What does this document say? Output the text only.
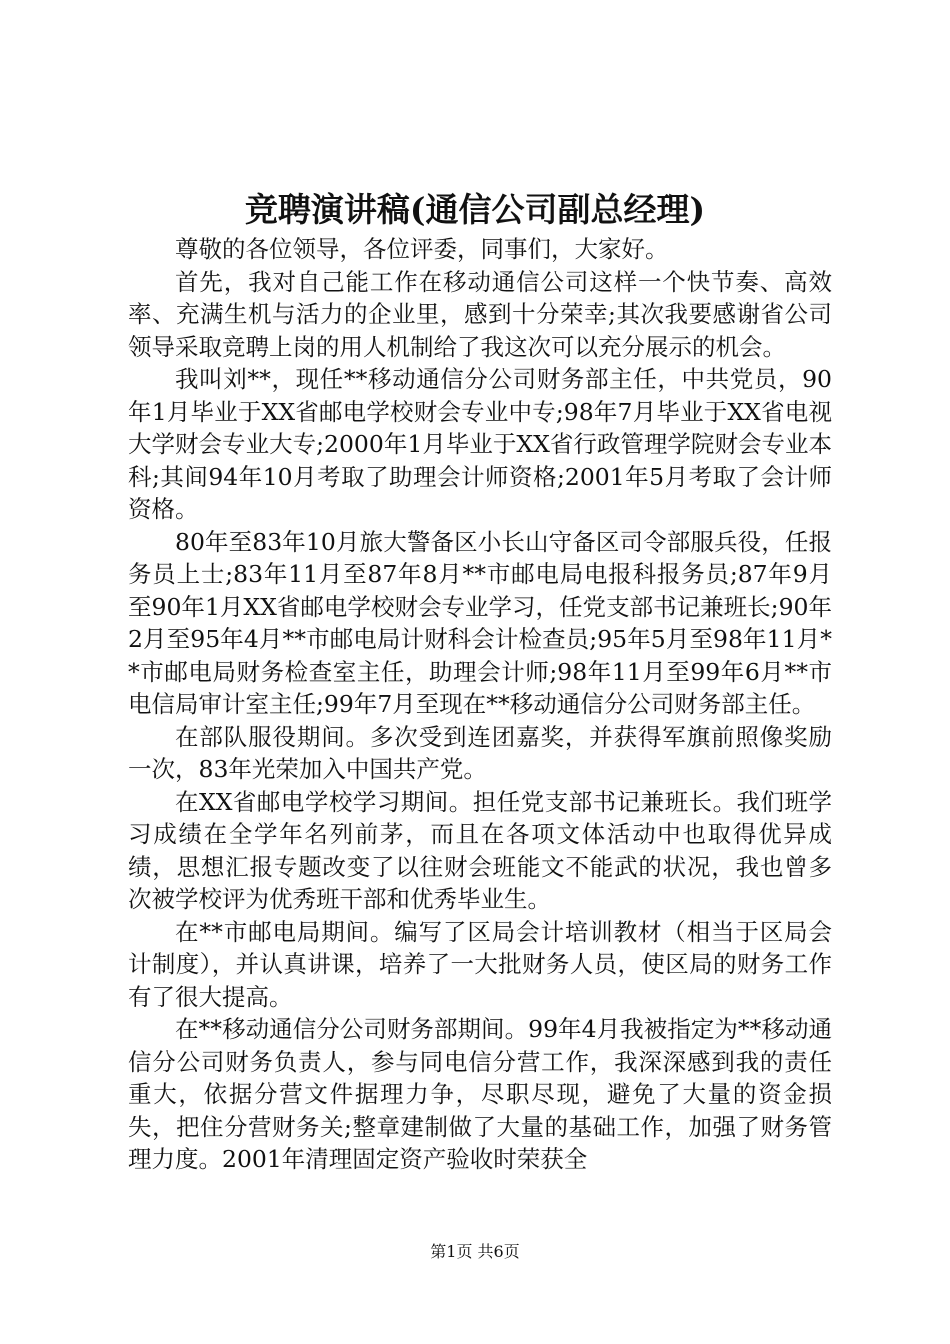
竞聘演讲稿(通信公司副总经理)

尊敬的各位领导，各位评委，同事们，大家好。

首先，我对自己能工作在移动通信公司这样一个快节奏、高效率、充满生机与活力的企业里，感到十分荣幸;其次我要感谢省公司领导采取竞聘上岗的用人机制给了我这次可以充分展示的机会。

我叫刘**，现任**移动通信分公司财务部主任，中共党员，90年1月毕业于XX省邮电学校财会专业中专;98年7月毕业于XX省电视大学财会专业大专;2000年1月毕业于XX省行政管理学院财会专业本科;其间94年10月考取了助理会计师资格;2001年5月考取了会计师资格。

80年至83年10月旅大警备区小长山守备区司令部服兵役，任报务员上士;83年11月至87年8月**市邮电局电报科报务员;87年9月至90年1月XX省邮电学校财会专业学习，任党支部书记兼班长;90年2月至95年4月**市邮电局计财科会计检查员;95年5月至98年11月**市邮电局财务检查室主任，助理会计师;98年11月至99年6月**市电信局审计室主任;99年7月至现在**移动通信分公司财务部主任。

在部队服役期间。多次受到连团嘉奖，并获得军旗前照像奖励一次，83年光荣加入中国共产党。

在XX省邮电学校学习期间。担任党支部书记兼班长。我们班学习成绩在全学年名列前茅，而且在各项文体活动中也取得优异成绩，思想汇报专题改变了以往财会班能文不能武的状况，我也曾多次被学校评为优秀班干部和优秀毕业生。

在**市邮电局期间。编写了区局会计培训教材（相当于区局会计制度），并认真讲课，培养了一大批财务人员，使区局的财务工作有了很大提高。

在**移动通信分公司财务部期间。99年4月我被指定为**移动通信分公司财务负责人，参与同电信分营工作，我深深感到我的责任重大，依据分营文件据理力争，尽职尽现，避免了大量的资金损失，把住分营财务关;整章建制做了大量的基础工作，加强了财务管理力度。2001年清理固定资产验收时荣获全

第1页 共6页
